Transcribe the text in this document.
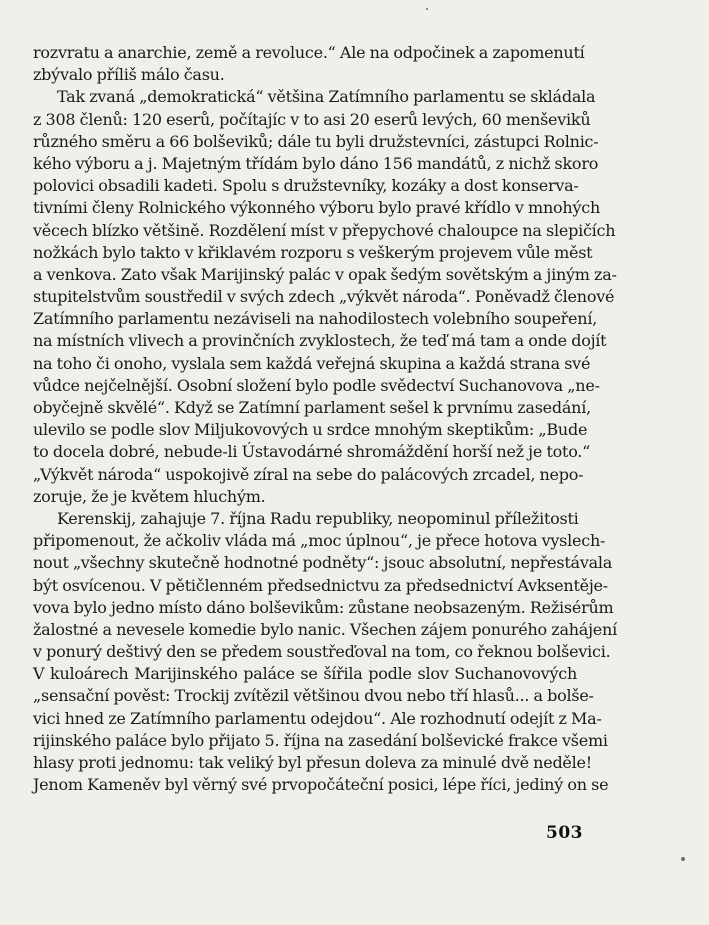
rozvratu a anarchie, země a revoluce.“ Ale na odpočinek a zapomenutí
zbývalo příliš málo času.
Tak zvaná „demokratická“ většina Zatímního parlamentu se skládala
z 308 členů: 120 eserů, počítajíc v to asi 20 eserů levých, 60 menševiků
různého směru a 66 bolševiků; dále tu byli družstevníci, zástupci Rolnic-
kého výboru a j. Majetným třídám bylo dáno 156 mandátů, z nichž skoro
polovici obsadili kadeti. Spolu s družstevníky, kozáky a dost konserva-
tivními členy Rolnického výkonného výboru bylo pravé křídlo v mnohých
věcech blízko většině. Rozdělení míst v přepychové chaloupce na slepičích
nožkách bylo takto v křiklavém rozporu s veškerým projevem vůle měst
a venkova. Zato však Marijinský palác v opak šedým sovětským a jiným za-
stupitelstvům soustředil v svých zdech „výkvět národa“. Poněvadž členové
Zatímního parlamentu nezáviseli na nahodilostech volebního soupeření,
na místních vlivech a provinčních zvyklostech, že teď má tam a onde dojít
na toho či onoho, vyslala sem každá veřejná skupina a každá strana své
vůdce nejčelnější. Osobní složení bylo podle svědectví Suchanovova „ne-
obyčejně skvělé“. Když se Zatímní parlament sešel k prvnímu zasedání,
ulevilo se podle slov Miljukovových u srdce mnohým skeptikům: „Bude
to docela dobré, nebude-li Ústavodárné shromáždění horší než je toto.“
„Výkvět národa“ uspokojivě zíral na sebe do palácových zrcadel, nepo-
zoruje, že je květem hluchým.
Kerenskij, zahajuje 7. října Radu republiky, neopominul příležitosti
připomenout, že ačkoliv vláda má „moc úplnou“, je přece hotova vyslech-
nout „všechny skutečně hodnotné podněty“: jsouc absolutní, nepřestávala
být osvícenou. V pětičlenném předsednictvu za předsednictví Avksentěje-
vova bylo jedno místo dáno bolševikům: zůstane neobsazeným. Režisérům
žalostné a nevesele komedie bylo nanic. Všechen zájem ponurého zahájení
v ponurý deštivý den se předem soustřeďoval na tom, co řeknou bolševici.
V kuloárech Marijinského paláce se šířila podle slov Suchanovových
„sensační pověst: Trockij zvítězil většinou dvou nebo tří hlasů... a bolše-
vici hned ze Zatímního parlamentu odejdou“. Ale rozhodnutí odejít z Ma-
rijinského paláce bylo přijato 5. října na zasedání bolševické frakce všemi
hlasy proti jednomu: tak veliký byl přesun doleva za minulé dvě neděle!
Jenom Kameněv byl věrný své prvopočáteční posici, lépe říci, jediný on se
503
